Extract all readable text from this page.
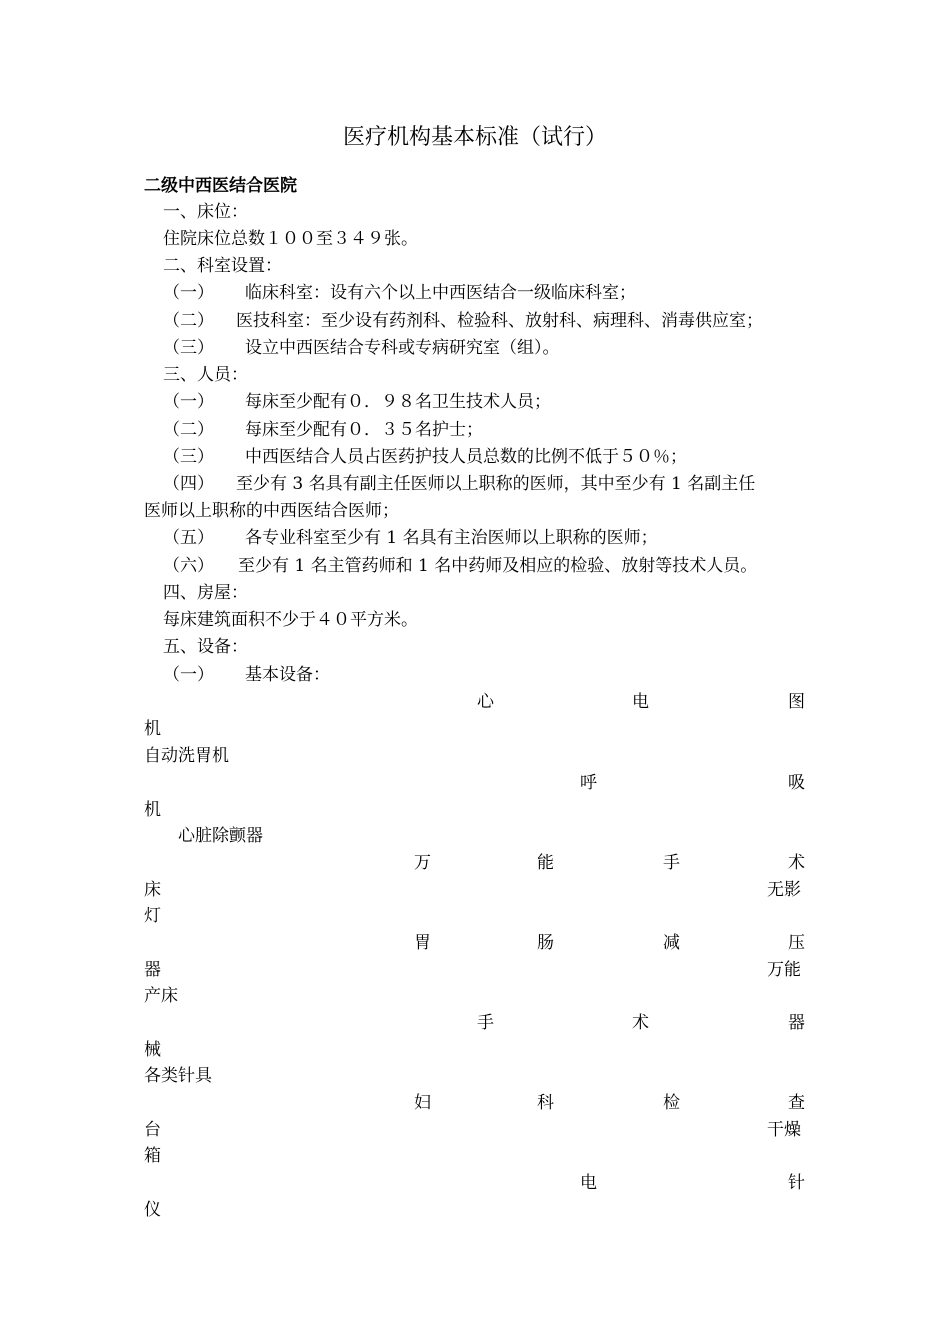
医疗机构基本标准（试行）
二级中西医结合医院
一、床位：
住院床位总数１００至３４９张。
二、科室设置：
（一） 临床科室：设有六个以上中西医结合一级临床科室；
（二） 医技科室：至少设有药剂科、检验科、放射科、病理科、消毒供应室；
（三） 设立中西医结合专科或专病研究室（组）。
三、人员：
（一） 每床至少配有０．９８名卫生技术人员；
（二） 每床至少配有０．３５名护士；
（三） 中西医结合人员占医药护技人员总数的比例不低于５０％；
（四） 至少有 3 名具有副主任医师以上职称的医师，其中至少有 1 名副主任
医师以上职称的中西医结合医师；
（五） 各专业科室至少有 1 名具有主治医师以上职称的医师；
（六） 至少有 1 名主管药师和 1 名中药师及相应的检验、放射等技术人员。
四、房屋：
每床建筑面积不少于４０平方米。
五、设备：
（一） 基本设备：
心	电	图
机
自动洗胃机
呼	吸
机
心脏除颤器
万	能	手	术
床	无影
灯
胃	肠	减	压
器	万能
产床
手	术	器
械
各类针具
妇	科	检	查
台	干燥
箱
电	针
仪
